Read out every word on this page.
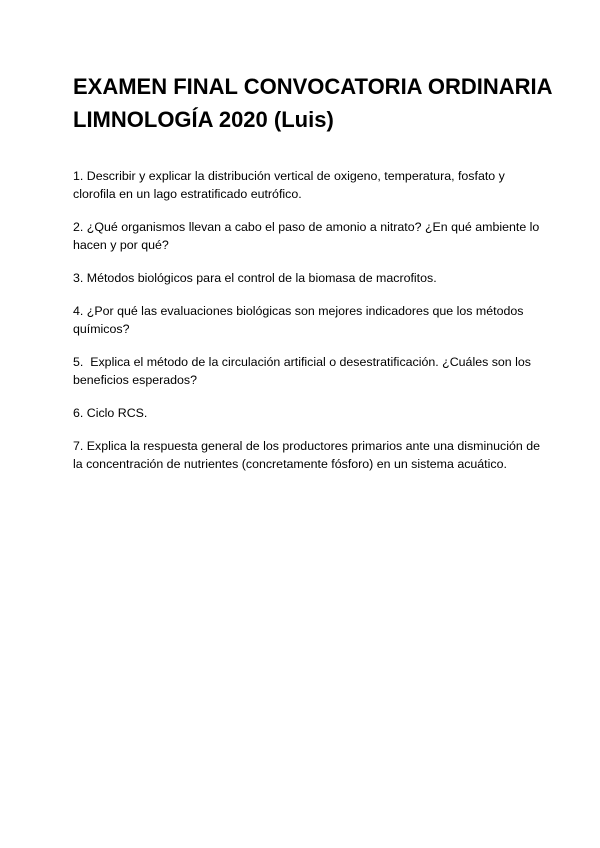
EXAMEN FINAL CONVOCATORIA ORDINARIA LIMNOLOGÍA 2020 (Luis)
1. Describir y explicar la distribución vertical de oxigeno, temperatura, fosfato y clorofila en un lago estratificado eutrófico.
2. ¿Qué organismos llevan a cabo el paso de amonio a nitrato? ¿En qué ambiente lo hacen y por qué?
3. Métodos biológicos para el control de la biomasa de macrofitos.
4. ¿Por qué las evaluaciones biológicas son mejores indicadores que los métodos químicos?
5.  Explica el método de la circulación artificial o desestratificación. ¿Cuáles son los beneficios esperados?
6. Ciclo RCS.
7. Explica la respuesta general de los productores primarios ante una disminución de la concentración de nutrientes (concretamente fósforo) en un sistema acuático.
